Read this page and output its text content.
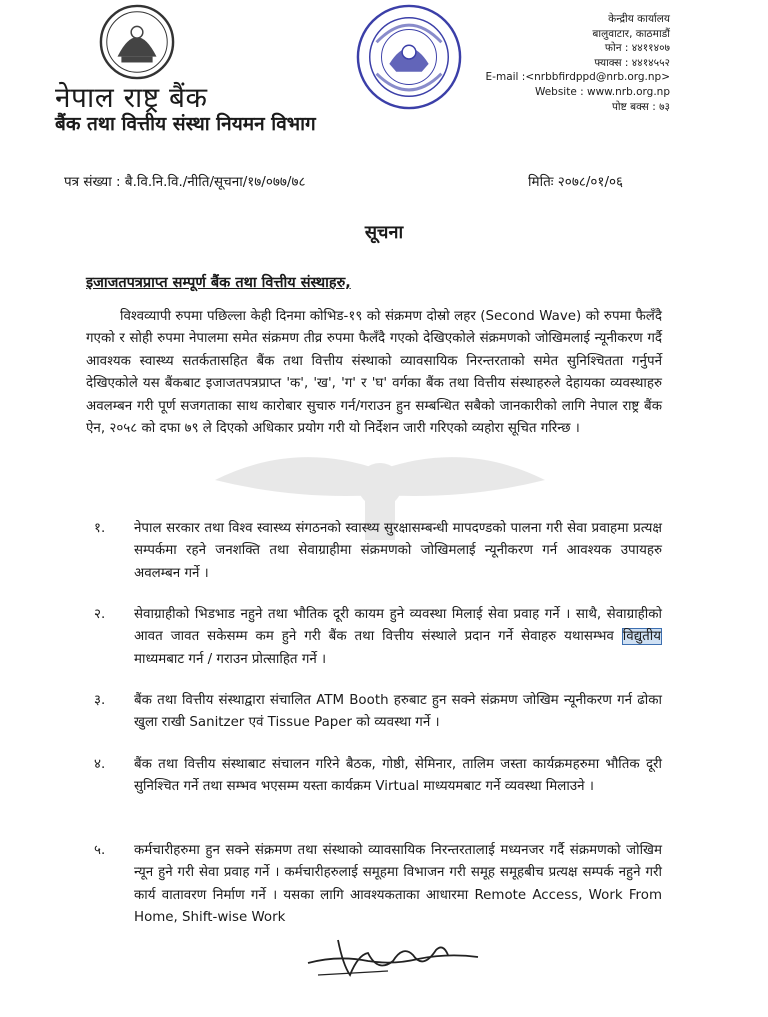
नेपाल राष्ट्र बैंक
बैंक तथा वित्तीय संस्था नियमन विभाग
केन्द्रीय कार्यालय
बालुवाटार, काठमाडौं
फोन : ४४११४०७
फ्याक्स : ४४१४५५२
E-mail :<nrbbfirdppd@nrb.org.np>
Website : www.nrb.org.np
पोष्ट बक्स : ७३
पत्र संख्या : बै.वि.नि.वि./नीति/सूचना/१७/०७७/७८	मितिः २०७८/०१/०६
सूचना
इजाजतपत्रप्राप्त सम्पूर्ण बैंक तथा वित्तीय संस्थाहरु,
विश्वव्यापी रुपमा पछिल्ला केही दिनमा कोभिड-१९ को संक्रमण दोस्रो लहर (Second Wave) को रुपमा फैलँदै गएको र सोही रुपमा नेपालमा समेत संक्रमण तीव्र रुपमा फैलँदै गएको देखिएकोले संक्रमणको जोखिमलाई न्यूनीकरण गर्दै आवश्यक स्वास्थ्य सतर्कतासहित बैंक तथा वित्तीय संस्थाको व्यावसायिक निरन्तरताको समेत सुनिश्चितता गर्नुपर्ने देखिएकोले यस बैंकबाट इजाजतपत्रप्राप्त 'क', 'ख', 'ग' र 'घ' वर्गका बैंक तथा वित्तीय संस्थाहरुले देहायका व्यवस्थाहरु अवलम्बन गरी पूर्ण सजगताका साथ कारोबार सुचारु गर्न/गराउन हुन सम्बन्धित सबैको जानकारीको लागि नेपाल राष्ट्र बैंक ऐन, २०५८ को दफा ७९ ले दिएको अधिकार प्रयोग गरी यो निर्देशन जारी गरिएको व्यहोरा सूचित गरिन्छ ।
१.	नेपाल सरकार तथा विश्व स्वास्थ्य संगठनको स्वास्थ्य सुरक्षासम्बन्धी मापदण्डको पालना गरी सेवा प्रवाहमा प्रत्यक्ष सम्पर्कमा रहने जनशक्ति तथा सेवाग्राहीमा संक्रमणको जोखिमलाई न्यूनीकरण गर्न आवश्यक उपायहरु अवलम्बन गर्ने ।
२.	सेवाग्राहीको भिडभाड नहुने तथा भौतिक दूरी कायम हुने व्यवस्था मिलाई सेवा प्रवाह गर्ने । साथै, सेवाग्राहीको आवत जावत सकेसम्म कम हुने गरी बैंक तथा वित्तीय संस्थाले प्रदान गर्ने सेवाहरु यथासम्भव विद्युतीय माध्यमबाट गर्न / गराउन प्रोत्साहित गर्ने ।
३.	बैंक तथा वित्तीय संस्थाद्वारा संचालित ATM Booth हरुबाट हुन सक्ने संक्रमण जोखिम न्यूनीकरण गर्न ढोका खुला राखी Sanitzer एवं Tissue Paper को व्यवस्था गर्ने ।
४.	बैंक तथा वित्तीय संस्थाबाट संचालन गरिने बैठक, गोष्ठी, सेमिनार, तालिम जस्ता कार्यक्रमहरुमा भौतिक दूरी सुनिश्चित गर्ने तथा सम्भव भएसम्म यस्ता कार्यक्रम Virtual माध्ययमबाट गर्ने व्यवस्था मिलाउने ।
५.	कर्मचारीहरुमा हुन सक्ने संक्रमण तथा संस्थाको व्यावसायिक निरन्तरतालाई मध्यनजर गर्दै संक्रमणको जोखिम न्यून हुने गरी सेवा प्रवाह गर्ने । कर्मचारीहरुलाई समूहमा विभाजन गरी समूह समूहबीच प्रत्यक्ष सम्पर्क नहुने गरी कार्य वातावरण निर्माण गर्ने । यसका लागि आवश्यकताका आधारमा Remote Access, Work From Home, Shift-wise Work
